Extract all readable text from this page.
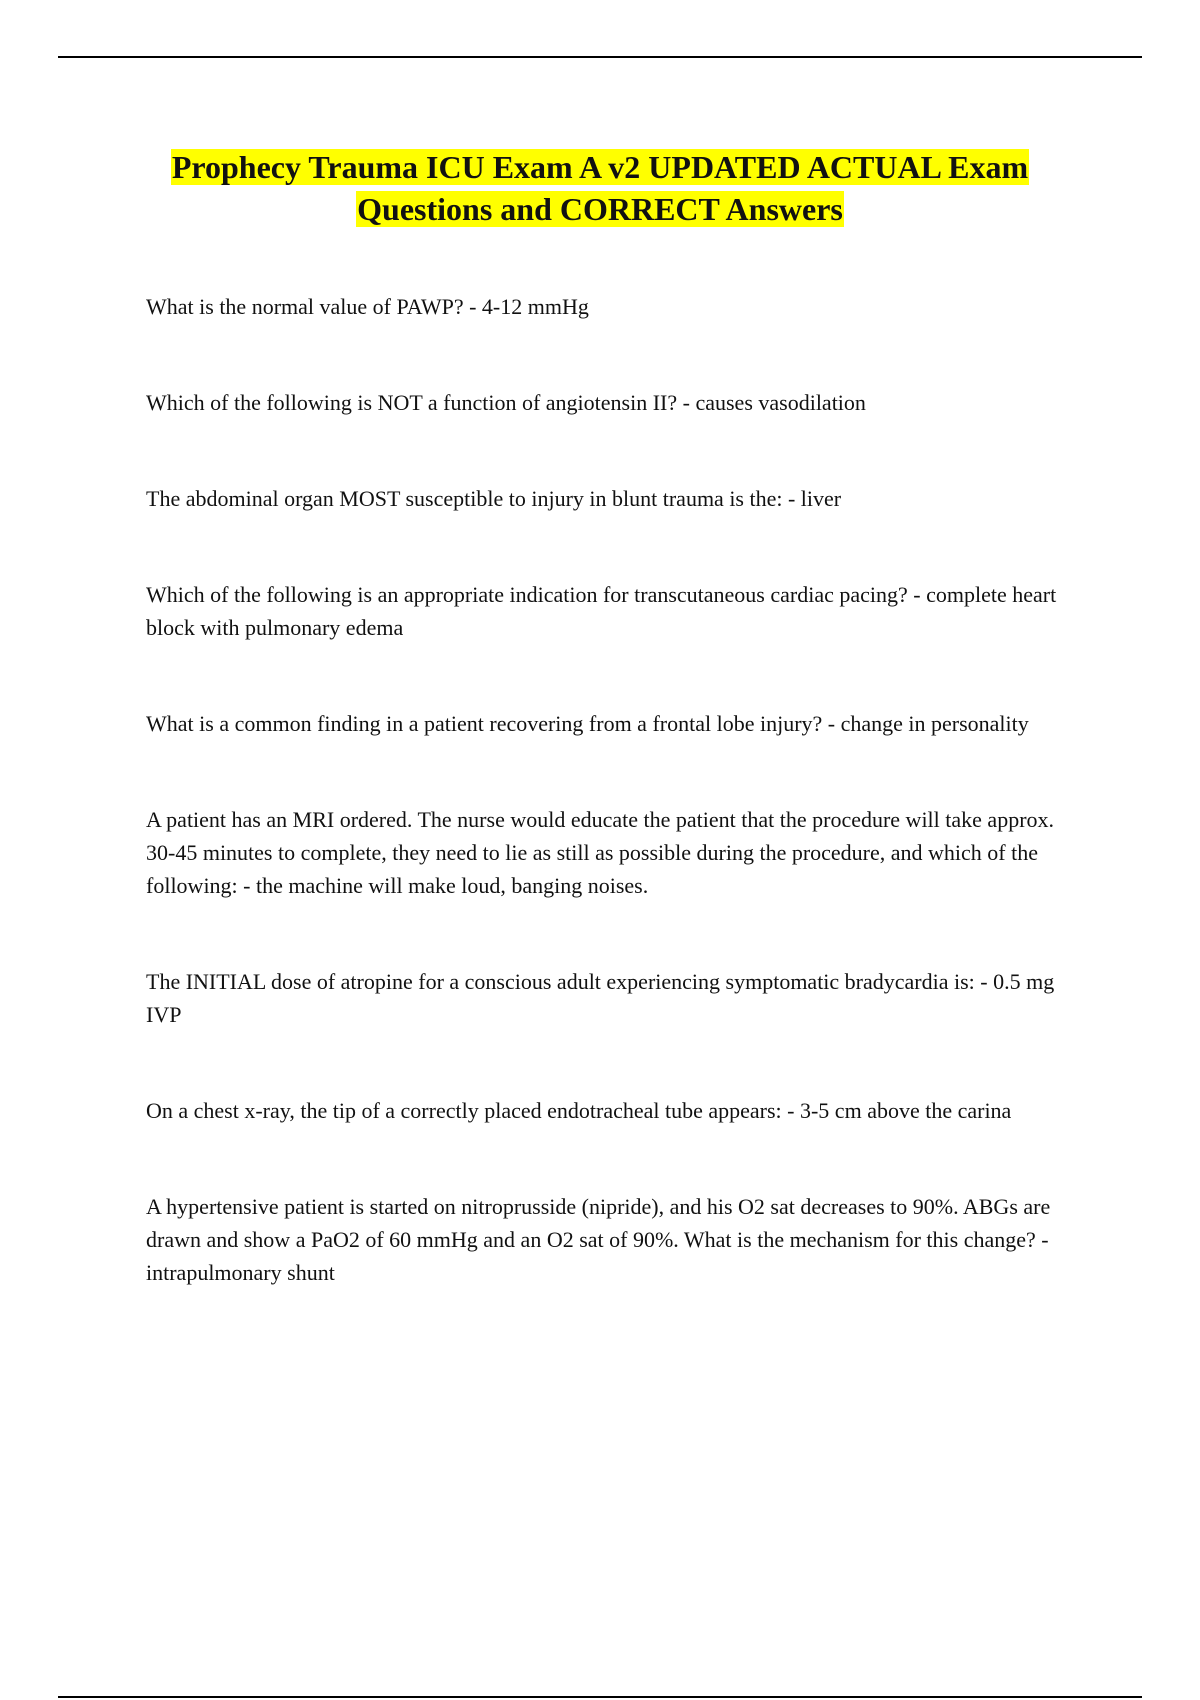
Prophecy Trauma ICU Exam A v2 UPDATED ACTUAL Exam
Questions and CORRECT Answers

What is the normal value of PAWP? - 4-12 mmHg

Which of the following is NOT a function of angiotensin II? - causes vasodilation

The abdominal organ MOST susceptible to injury in blunt trauma is the: - liver

Which of the following is an appropriate indication for transcutaneous cardiac pacing? - complete heart block with pulmonary edema

What is a common finding in a patient recovering from a frontal lobe injury? - change in personality

A patient has an MRI ordered. The nurse would educate the patient that the procedure will take approx. 30-45 minutes to complete, they need to lie as still as possible during the procedure, and which of the following: - the machine will make loud, banging noises.

The INITIAL dose of atropine for a conscious adult experiencing symptomatic bradycardia is: - 0.5 mg IVP

On a chest x-ray, the tip of a correctly placed endotracheal tube appears: - 3-5 cm above the carina

A hypertensive patient is started on nitroprusside (nipride), and his O2 sat decreases to 90%. ABGs are drawn and show a PaO2 of 60 mmHg and an O2 sat of 90%. What is the mechanism for this change? - intrapulmonary shunt
